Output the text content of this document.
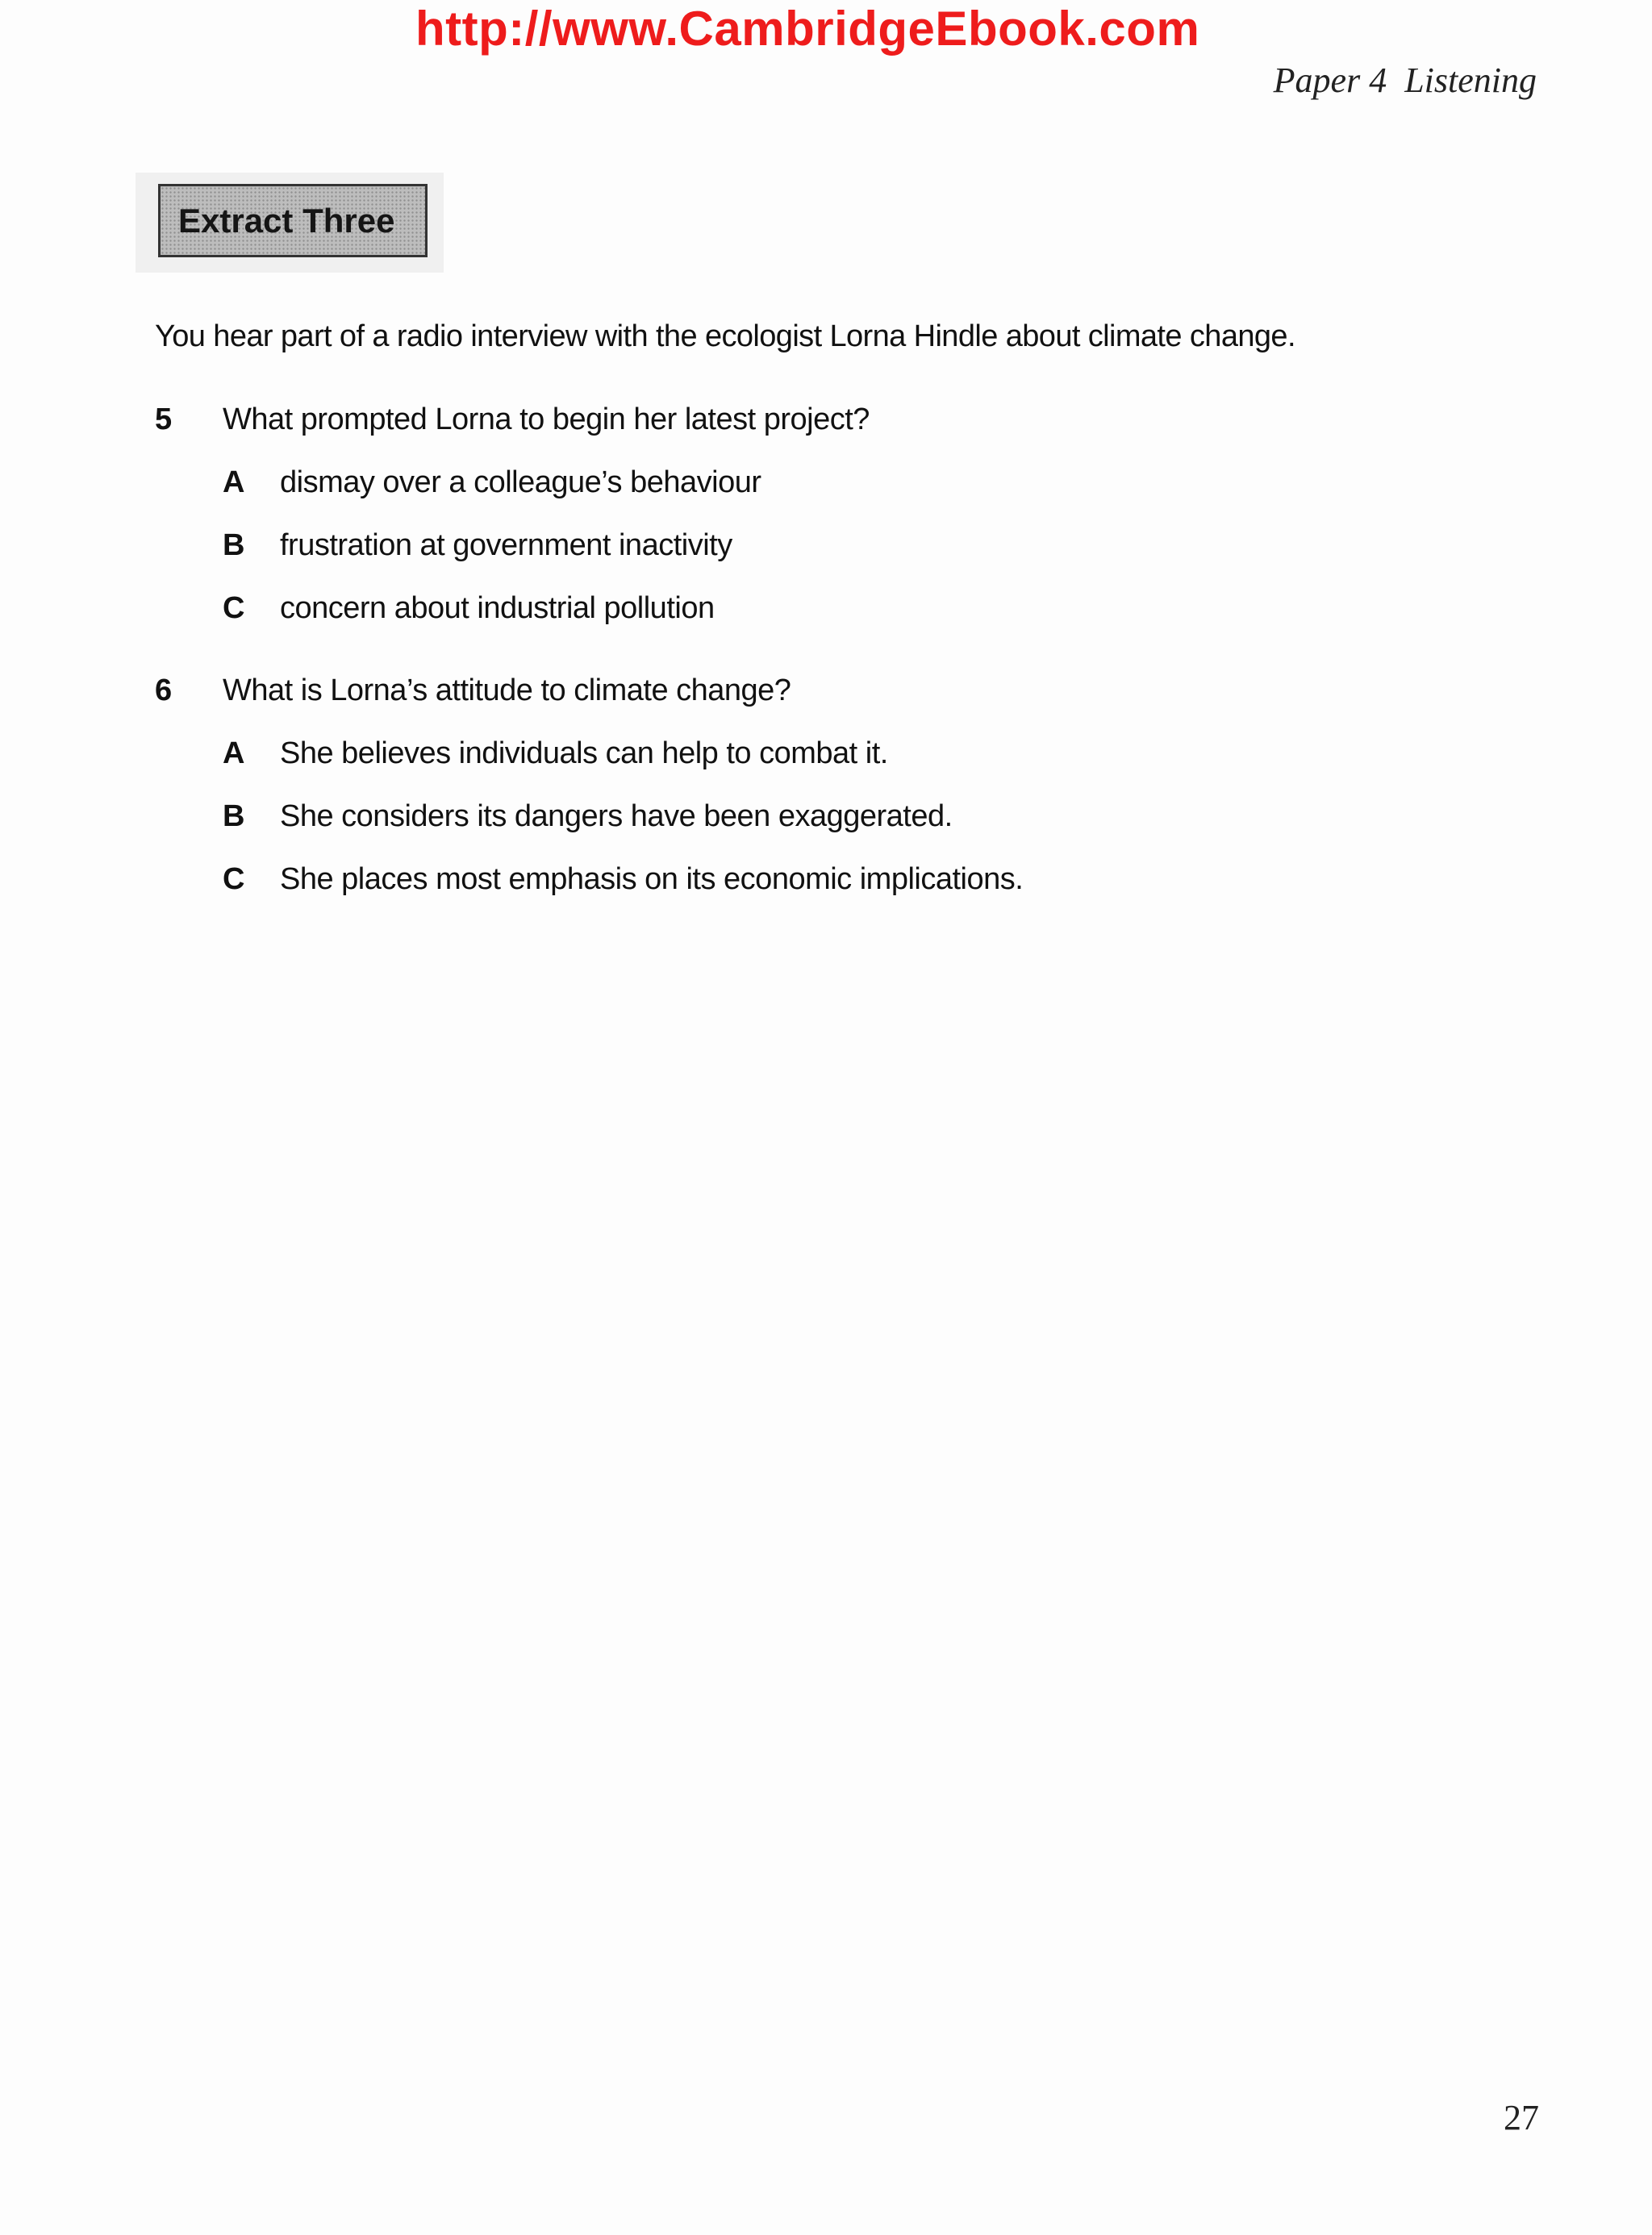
http://www.CambridgeEbook.com
Paper 4 Listening
Extract Three
You hear part of a radio interview with the ecologist Lorna Hindle about climate change.
5 What prompted Lorna to begin her latest project?
A dismay over a colleague’s behaviour
B frustration at government inactivity
C concern about industrial pollution
6 What is Lorna’s attitude to climate change?
A She believes individuals can help to combat it.
B She considers its dangers have been exaggerated.
C She places most emphasis on its economic implications.
27
